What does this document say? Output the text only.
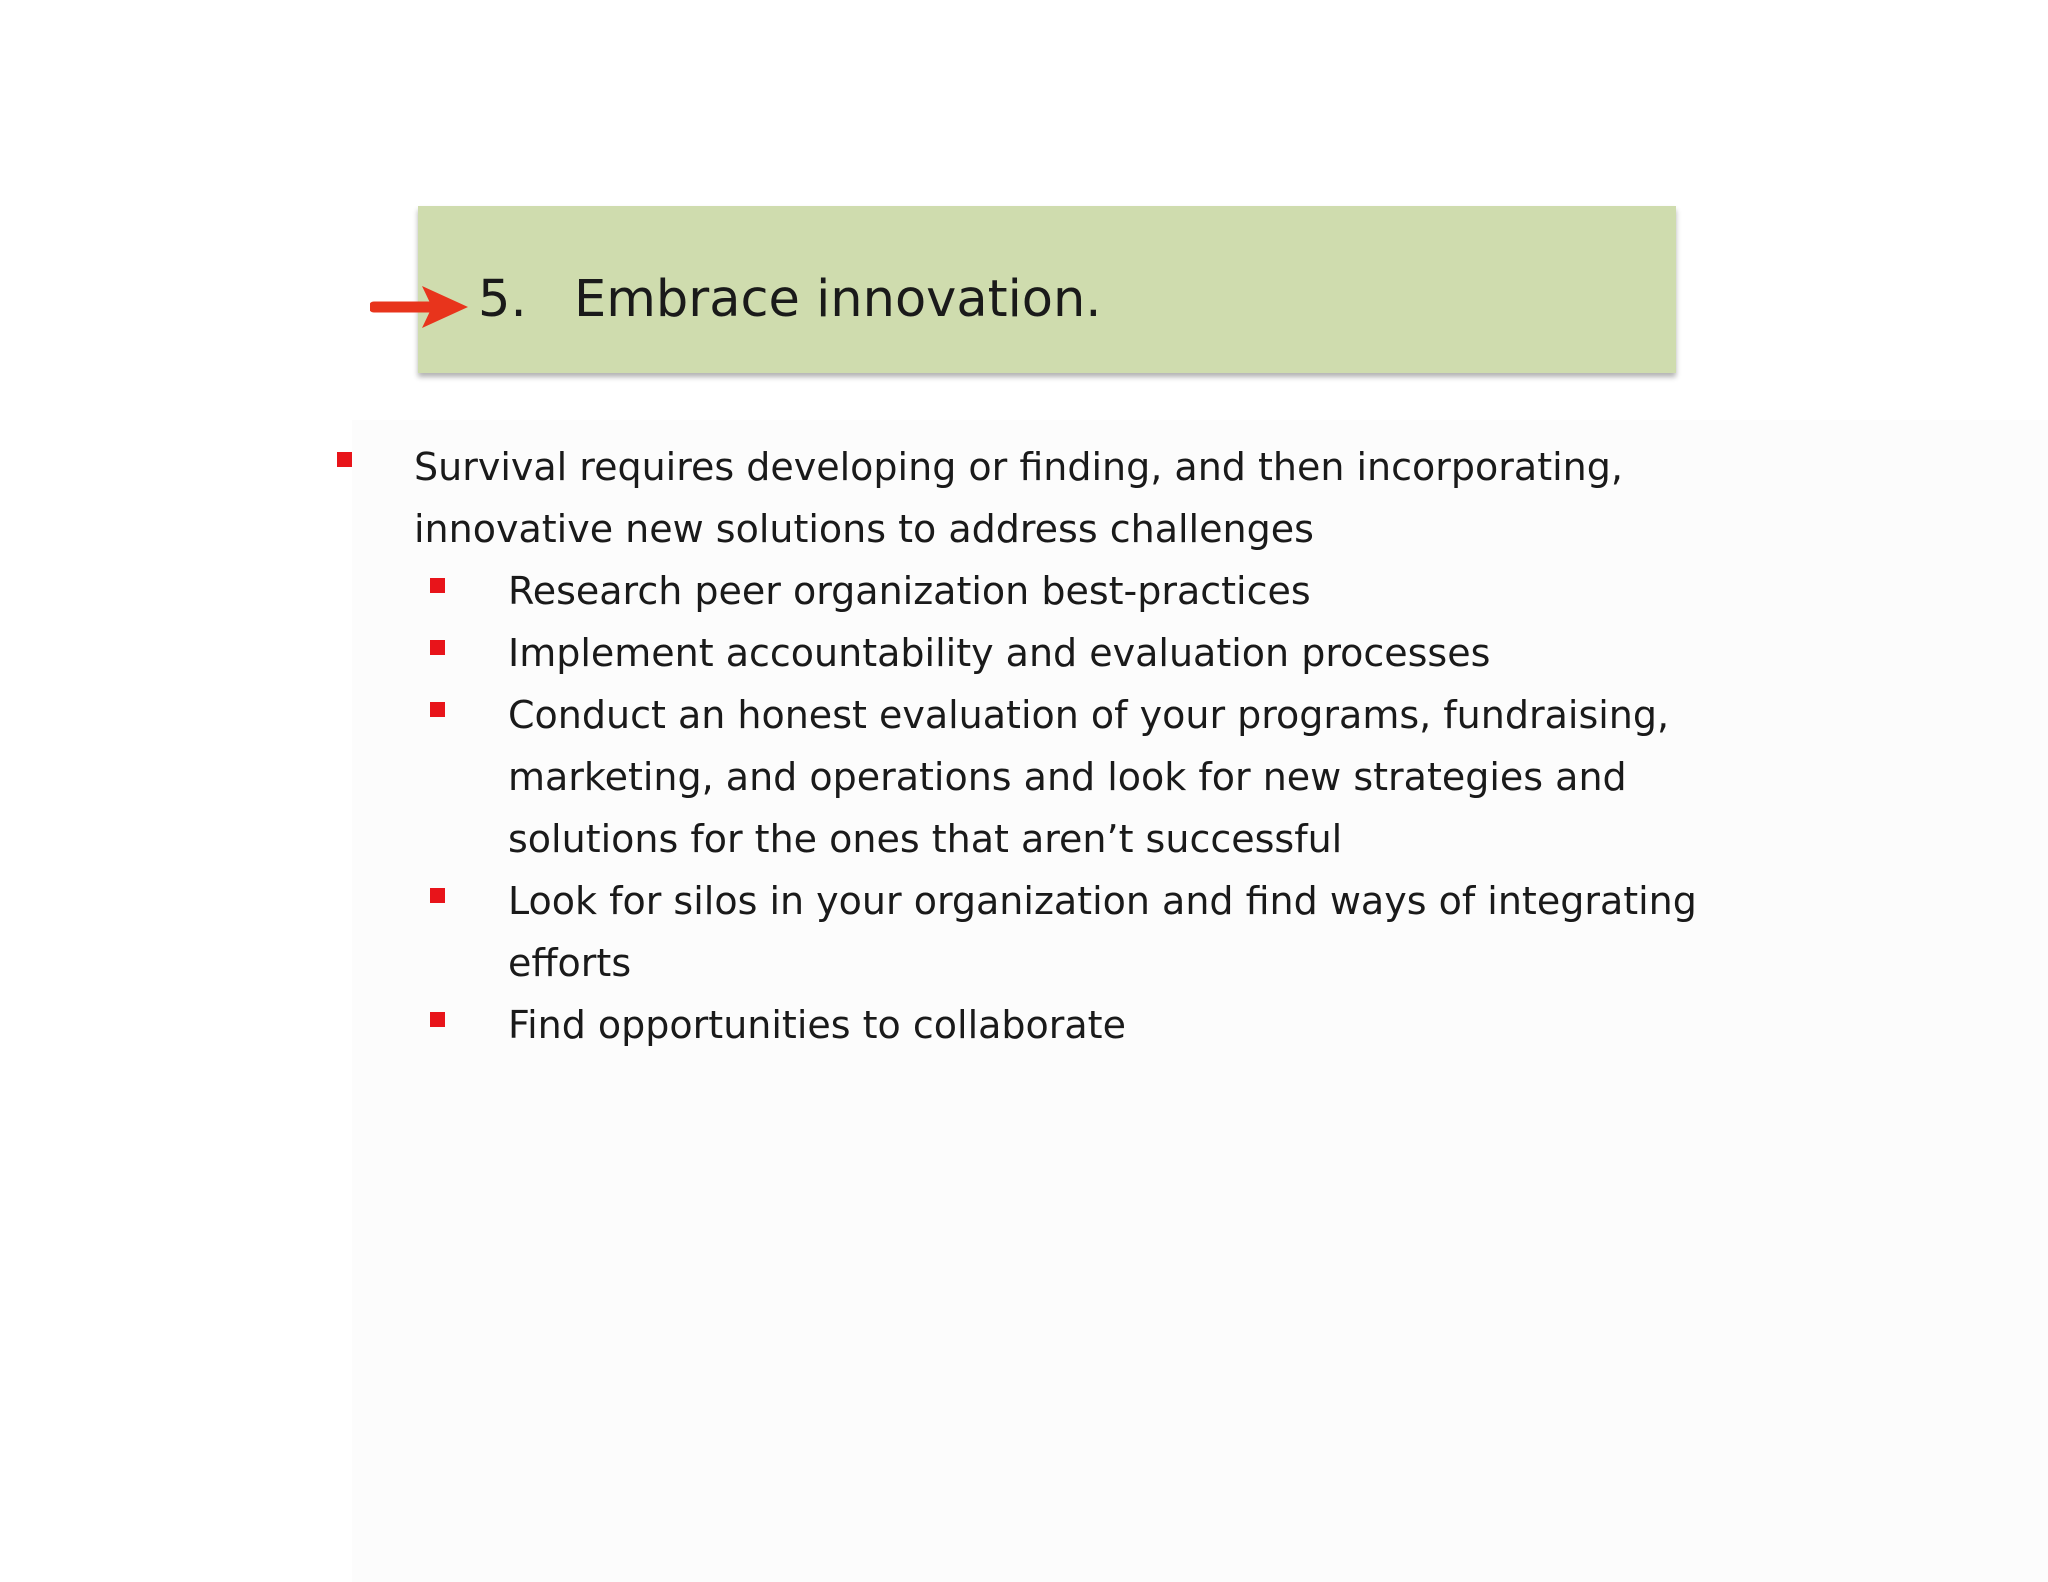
5. Embrace innovation.
Survival requires developing or finding, and then incorporating,
innovative new solutions to address challenges
Research peer organization best-practices
Implement accountability and evaluation processes
Conduct an honest evaluation of your programs, fundraising,
marketing, and operations and look for new strategies and
solutions for the ones that aren’t successful
Look for silos in your organization and find ways of integrating
efforts
Find opportunities to collaborate
